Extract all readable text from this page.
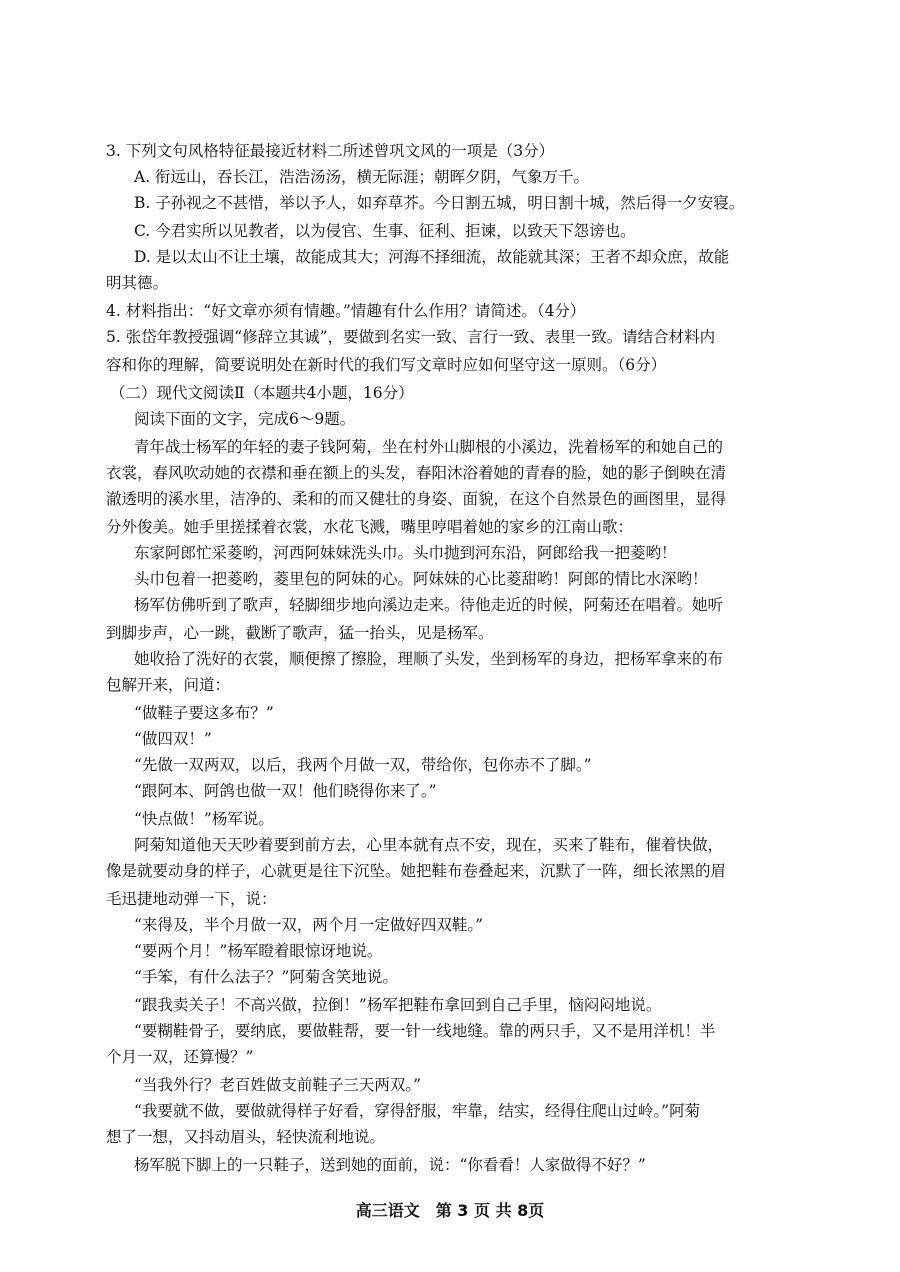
3. 下列文句风格特征最接近材料二所述曾巩文风的一项是（3分）
A. 衔远山，吞长江，浩浩汤汤，横无际涯；朝晖夕阴，气象万千。
B. 子孙视之不甚惜，举以予人，如弃草芥。今日割五城，明日割十城，然后得一夕安寝。
C. 今君实所以见教者，以为侵官、生事、征利、拒谏，以致天下怨谤也。
D. 是以太山不让土壤，故能成其大；河海不择细流，故能就其深；王者不却众庶，故能
明其德。
4. 材料指出：“好文章亦须有情趣。”情趣有什么作用？请简述。（4分）
5. 张岱年教授强调“修辞立其诚”，要做到名实一致、言行一致、表里一致。请结合材料内
容和你的理解，简要说明处在新时代的我们写文章时应如何坚守这一原则。（6分）
（二）现代文阅读Ⅱ（本题共4小题，16分）
阅读下面的文字，完成6～9题。
青年战士杨军的年轻的妻子钱阿菊，坐在村外山脚根的小溪边，洗着杨军的和她自己的
衣裳，春风吹动她的衣襟和垂在额上的头发，春阳沐浴着她的青春的脸，她的影子倒映在清
澈透明的溪水里，洁净的、柔和的而又健壮的身姿、面貌，在这个自然景色的画图里，显得
分外俊美。她手里搓揉着衣裳，水花飞溅，嘴里哼唱着她的家乡的江南山歌：
东家阿郎忙采菱哟，河西阿妹妹洗头巾。头巾抛到河东沿，阿郎给我一把菱哟！
头巾包着一把菱哟，菱里包的阿妹的心。阿妹妹的心比菱甜哟！阿郎的情比水深哟！
杨军仿佛听到了歌声，轻脚细步地向溪边走来。待他走近的时候，阿菊还在唱着。她听
到脚步声，心一跳，截断了歌声，猛一抬头，见是杨军。
她收拾了洗好的衣裳，顺便擦了擦脸，理顺了头发，坐到杨军的身边，把杨军拿来的布
包解开来，问道：
“做鞋子要这多布？”
“做四双！”
“先做一双两双，以后，我两个月做一双，带给你，包你赤不了脚。”
“跟阿本、阿鸽也做一双！他们晓得你来了。”
“快点做！”杨军说。
阿菊知道他天天吵着要到前方去，心里本就有点不安，现在，买来了鞋布，催着快做，
像是就要动身的样子，心就更是往下沉坠。她把鞋布卷叠起来，沉默了一阵，细长浓黑的眉
毛迅捷地动弹一下，说：
“来得及，半个月做一双，两个月一定做好四双鞋。”
“要两个月！”杨军瞪着眼惊讶地说。
“手笨，有什么法子？”阿菊含笑地说。
“跟我卖关子！不高兴做，拉倒！”杨军把鞋布拿回到自己手里，恼闷闷地说。
“要糊鞋骨子，要纳底，要做鞋帮，要一针一线地缝。靠的两只手，又不是用洋机！半
个月一双，还算慢？”
“当我外行？老百姓做支前鞋子三天两双。”
“我要就不做，要做就得样子好看，穿得舒服，牢靠，结实，经得住爬山过岭。”阿菊
想了一想，又抖动眉头，轻快流利地说。
杨军脱下脚上的一只鞋子，送到她的面前，说：“你看看！人家做得不好？”
高三语文　第 3 页 共 8页
